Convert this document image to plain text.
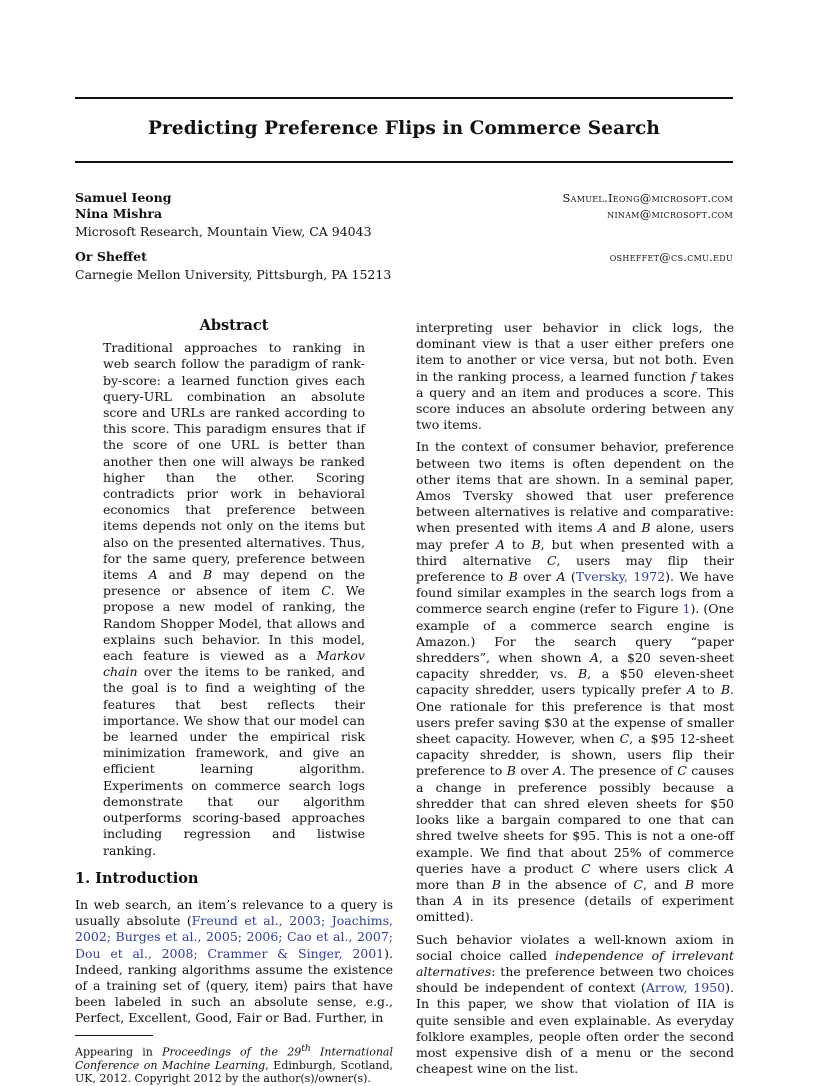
Predicting Preference Flips in Commerce Search
Samuel Ieong	Samuel.Ieong@microsoft.com
Nina Mishra	ninam@microsoft.com
Microsoft Research, Mountain View, CA 94043
Or Sheffet	osheffet@cs.cmu.edu
Carnegie Mellon University, Pittsburgh, PA 15213
Abstract
Traditional approaches to ranking in web search follow the paradigm of rank-by-score: a learned function gives each query-URL combination an absolute score and URLs are ranked according to this score. This paradigm ensures that if the score of one URL is better than another then one will always be ranked higher than the other. Scoring contradicts prior work in behavioral economics that preference between items depends not only on the items but also on the presented alternatives. Thus, for the same query, preference between items A and B may depend on the presence or absence of item C. We propose a new model of ranking, the Random Shopper Model, that allows and explains such behavior. In this model, each feature is viewed as a Markov chain over the items to be ranked, and the goal is to find a weighting of the features that best reflects their importance. We show that our model can be learned under the empirical risk minimization framework, and give an efficient learning algorithm. Experiments on commerce search logs demonstrate that our algorithm outperforms scoring-based approaches including regression and listwise ranking.
1. Introduction

In web search, an item’s relevance to a query is usually absolute (Freund et al., 2003; Joachims, 2002; Burges et al., 2005; 2006; Cao et al., 2007; Dou et al., 2008; Crammer & Singer, 2001). Indeed, ranking algorithms assume the existence of a training set of ⟨query, item⟩ pairs that have been labeled in such an absolute sense, e.g., Perfect, Excellent, Good, Fair or Bad. Further, in

Appearing in Proceedings of the 29th International Conference on Machine Learning, Edinburgh, Scotland, UK, 2012. Copyright 2012 by the author(s)/owner(s).

interpreting user behavior in click logs, the dominant view is that a user either prefers one item to another or vice versa, but not both. Even in the ranking process, a learned function f takes a query and an item and produces a score. This score induces an absolute ordering between any two items.

In the context of consumer behavior, preference between two items is often dependent on the other items that are shown. In a seminal paper, Amos Tversky showed that user preference between alternatives is relative and comparative: when presented with items A and B alone, users may prefer A to B, but when presented with a third alternative C, users may flip their preference to B over A (Tversky, 1972). We have found similar examples in the search logs from a commerce search engine (refer to Figure 1). (One example of a commerce search engine is Amazon.) For the search query “paper shredders”, when shown A, a $20 seven-sheet capacity shredder, vs. B, a $50 eleven-sheet capacity shredder, users typically prefer A to B. One rationale for this preference is that most users prefer saving $30 at the expense of smaller sheet capacity. However, when C, a $95 12-sheet capacity shredder, is shown, users flip their preference to B over A. The presence of C causes a change in preference possibly because a shredder that can shred eleven sheets for $50 looks like a bargain compared to one that can shred twelve sheets for $95. This is not a one-off example. We find that about 25% of commerce queries have a product C where users click A more than B in the absence of C, and B more than A in its presence (details of experiment omitted).

Such behavior violates a well-known axiom in social choice called independence of irrelevant alternatives: the preference between two choices should be independent of context (Arrow, 1950). In this paper, we show that violation of IIA is quite sensible and even explainable. As everyday folklore examples, people often order the second most expensive dish of a menu or the second cheapest wine on the list.
